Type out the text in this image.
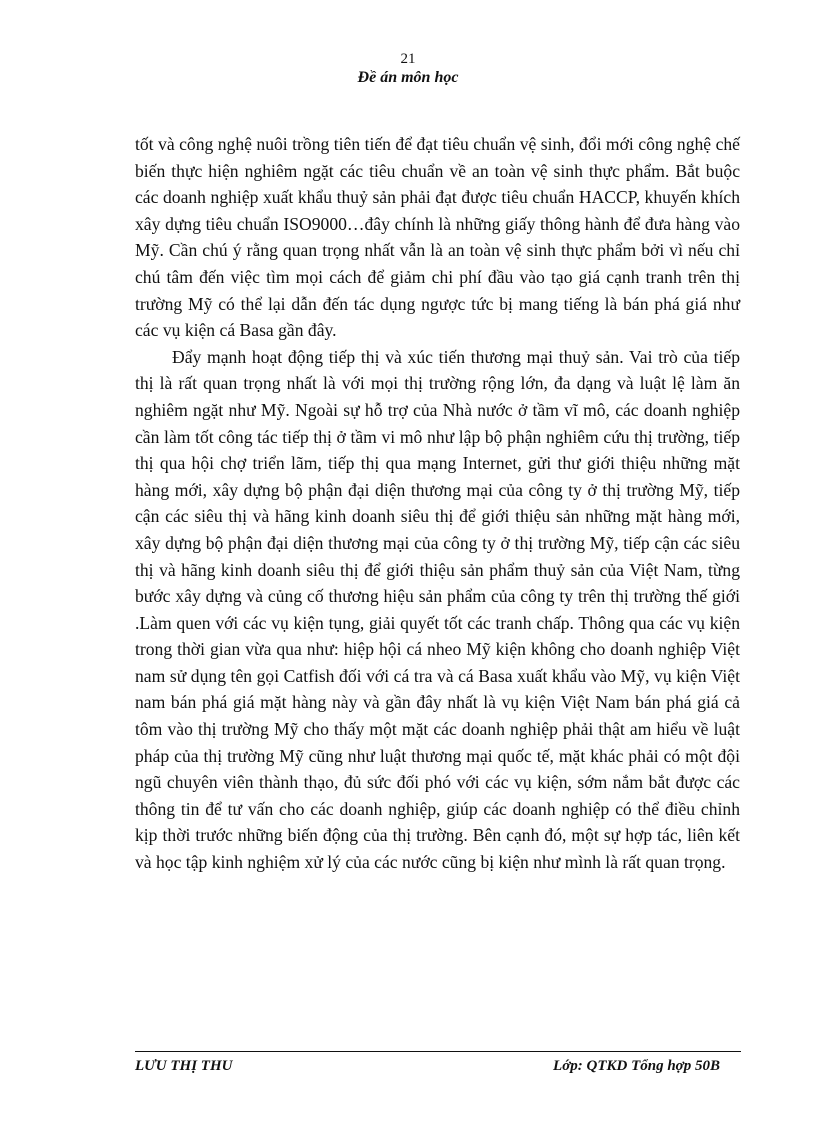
21
Đề án môn học

tốt và công nghệ nuôi trồng tiên tiến để đạt tiêu chuẩn vệ sinh, đổi mới công nghệ chế biến thực hiện nghiêm ngặt các tiêu chuẩn về an toàn vệ sinh thực phẩm. Bắt buộc các doanh nghiệp xuất khẩu thuỷ sản phải đạt được tiêu chuẩn HACCP, khuyến khích xây dựng tiêu chuẩn ISO9000…đây chính là những giấy thông hành để đưa hàng vào Mỹ. Cần chú ý rằng quan trọng nhất vẫn là an toàn vệ sinh thực phẩm bởi vì nếu chỉ chú tâm đến việc tìm mọi cách để giảm chi phí đầu vào tạo giá cạnh tranh trên thị trường Mỹ có thể lại dẫn đến tác dụng ngược tức bị mang tiếng là bán phá giá như các vụ kiện cá Basa gần đây.

Đẩy mạnh hoạt động tiếp thị và xúc tiến thương mại thuỷ sản. Vai trò của tiếp thị là rất quan trọng nhất là với mọi thị trường rộng lớn, đa dạng và luật lệ làm ăn nghiêm ngặt như Mỹ. Ngoài sự hỗ trợ của Nhà nước ở tầm vĩ mô, các doanh nghiệp cần làm tốt công tác tiếp thị ở tầm vi mô như lập bộ phận nghiêm cứu thị trường, tiếp thị qua hội chợ triển lãm, tiếp thị qua mạng Internet, gửi thư giới thiệu những mặt hàng mới, xây dựng bộ phận đại diện thương mại của công ty ở thị trường Mỹ, tiếp cận các siêu thị và hãng kinh doanh siêu thị để giới thiệu sản những mặt hàng mới, xây dựng bộ phận đại diện thương mại của công ty ở thị trường Mỹ, tiếp cận các siêu thị và hãng kinh doanh siêu thị để giới thiệu sản phẩm thuỷ sản của Việt Nam, từng bước xây dựng và củng cố thương hiệu sản phẩm của công ty trên thị trường thế giới .Làm quen với các vụ kiện tụng, giải quyết tốt các tranh chấp. Thông qua các vụ kiện trong thời gian vừa qua như: hiệp hội cá nheo Mỹ kiện không cho doanh nghiệp Việt nam sử dụng tên gọi Catfish đối với cá tra và cá Basa xuất khẩu vào Mỹ, vụ kiện Việt nam bán phá giá mặt hàng này và gần đây nhất là vụ kiện Việt Nam bán phá giá cả tôm vào thị trường Mỹ cho thấy một mặt các doanh nghiệp phải thật am hiểu về luật pháp của thị trường Mỹ cũng như luật thương mại quốc tế, mặt khác phải có một đội ngũ chuyên viên thành thạo, đủ sức đối phó với các vụ kiện, sớm nắm bắt được các thông tin để tư vấn cho các doanh nghiệp, giúp các doanh nghiệp có thể điều chỉnh kịp thời trước những biến động của thị trường. Bên cạnh đó, một sự hợp tác, liên kết và học tập kinh nghiệm xử lý của các nước cũng bị kiện như mình là rất quan trọng.

LƯU THỊ THU	Lớp: QTKD Tổng hợp 50B
